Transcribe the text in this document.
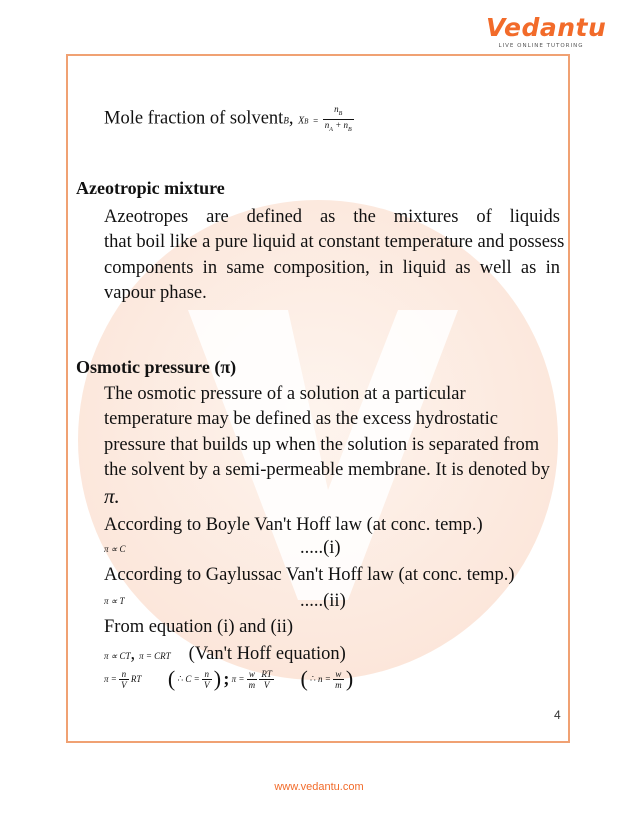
Vedantu
LIVE ONLINE TUTORING
Mole fraction of solventB, XB = $\frac{n_B}{n_A + n_B}$
Azeotropic mixture
Azeotropes are defined as the mixtures of liquids
that boil like a pure liquid at constant temperature and possess
components in same composition, in liquid as well as in
vapour phase.
Osmotic pressure (π)
The osmotic pressure of a solution at a particular
temperature may be defined as the excess hydrostatic
pressure that builds up when the solution is separated from
the solvent by a semi-permeable membrane. It is denoted by
π.
According to Boyle Van't Hoff law (at conc. temp.)
π ∝ C	.....(i)
According to Gaylussac Van't Hoff law (at conc. temp.)
π ∝ T	.....(ii)
From equation (i) and (ii)
π ∝ CT, π = CRT (Van't Hoff equation)
$\pi = \frac{n}{V}$ RT ( ∴ $C = \frac{n}{V}$ ) ; $\pi = \frac{w}{m}$
$\frac{RT}{V}$ ( ∴ $n = \frac{w}{m}$ )
4
www.vedantu.com
